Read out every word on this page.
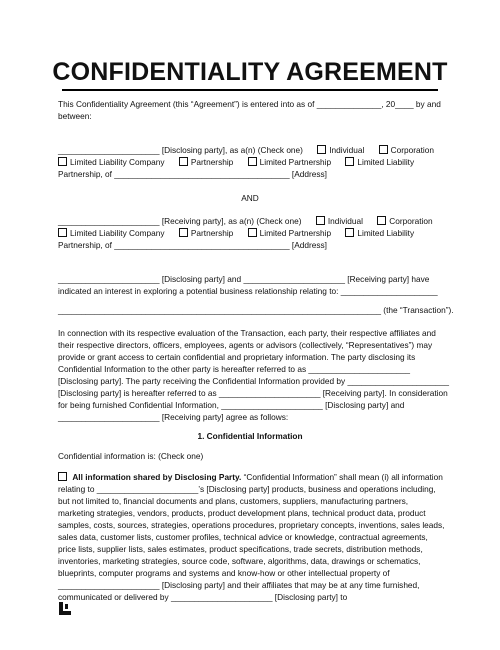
CONFIDENTIALITY AGREEMENT
This Confidentiality Agreement (this “Agreement”) is entered into as of ______________, 20____ by and
between:
______________________ [Disclosing party], as a(n) (Check one)	Individual	Corporation
Limited Liability Company	Partnership	Limited Partnership	Limited Liability
Partnership, of ______________________________________ [Address]
AND
______________________ [Receiving party], as a(n) (Check one)	Individual	Corporation
Limited Liability Company	Partnership	Limited Partnership	Limited Liability
Partnership, of ______________________________________ [Address]
______________________ [Disclosing party] and ______________________ [Receiving party] have
indicated an interest in exploring a potential business relationship relating to: _____________________
______________________________________________________________________ (the “Transaction”).
In connection with its respective evaluation of the Transaction, each party, their respective affiliates and
their respective directors, officers, employees, agents or advisors (collectively, “Representatives”) may
provide or grant access to certain confidential and proprietary information. The party disclosing its
Confidential Information to the other party is hereafter referred to as ______________________
[Disclosing party]. The party receiving the Confidential Information provided by ______________________
[Disclosing party] is hereafter referred to as ______________________ [Receiving party]. In consideration
for being furnished Confidential Information, ______________________ [Disclosing party] and
______________________ [Receiving party] agree as follows:
1. Confidential Information
Confidential information is: (Check one)
All information shared by Disclosing Party. “Confidential Information” shall mean (i) all information
relating to ______________________’s [Disclosing party] products, business and operations including,
but not limited to, financial documents and plans, customers, suppliers, manufacturing partners,
marketing strategies, vendors, products, product development plans, technical product data, product
samples, costs, sources, strategies, operations procedures, proprietary concepts, inventions, sales leads,
sales data, customer lists, customer profiles, technical advice or knowledge, contractual agreements,
price lists, supplier lists, sales estimates, product specifications, trade secrets, distribution methods,
inventories, marketing strategies, source code, software, algorithms, data, drawings or schematics,
blueprints, computer programs and systems and know-how or other intellectual property of
______________________ [Disclosing party] and their affiliates that may be at any time furnished,
communicated or delivered by ______________________ [Disclosing party] to
